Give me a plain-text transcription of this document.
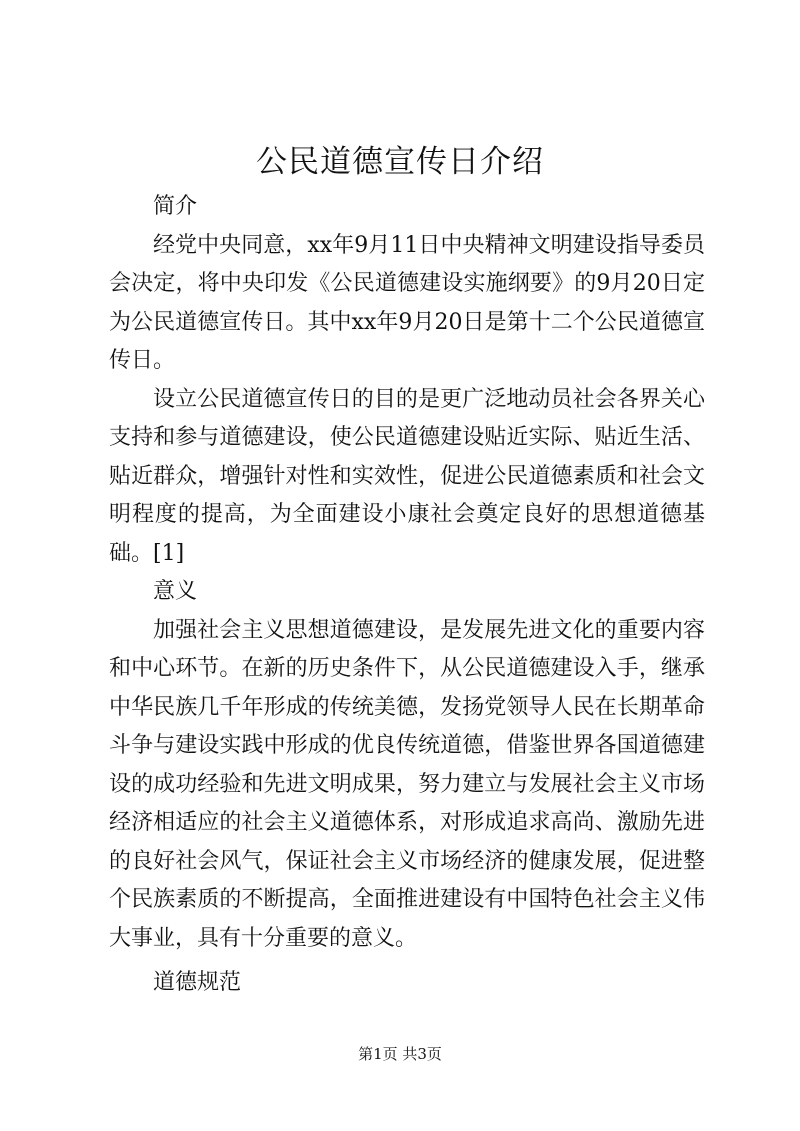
公民道德宣传日介绍
简介

经党中央同意，xx年9月11日中央精神文明建设指导委员会决定，将中央印发《公民道德建设实施纲要》的9月20日定为公民道德宣传日。其中xx年9月20日是第十二个公民道德宣传日。

设立公民道德宣传日的目的是更广泛地动员社会各界关心支持和参与道德建设，使公民道德建设贴近实际、贴近生活、贴近群众，增强针对性和实效性，促进公民道德素质和社会文明程度的提高，为全面建设小康社会奠定良好的思想道德基础。[1]

意义

加强社会主义思想道德建设，是发展先进文化的重要内容和中心环节。在新的历史条件下，从公民道德建设入手，继承中华民族几千年形成的传统美德，发扬党领导人民在长期革命斗争与建设实践中形成的优良传统道德，借鉴世界各国道德建设的成功经验和先进文明成果，努力建立与发展社会主义市场经济相适应的社会主义道德体系，对形成追求高尚、激励先进的良好社会风气，保证社会主义市场经济的健康发展，促进整个民族素质的不断提高，全面推进建设有中国特色社会主义伟大事业，具有十分重要的意义。

道德规范
第1页 共3页
